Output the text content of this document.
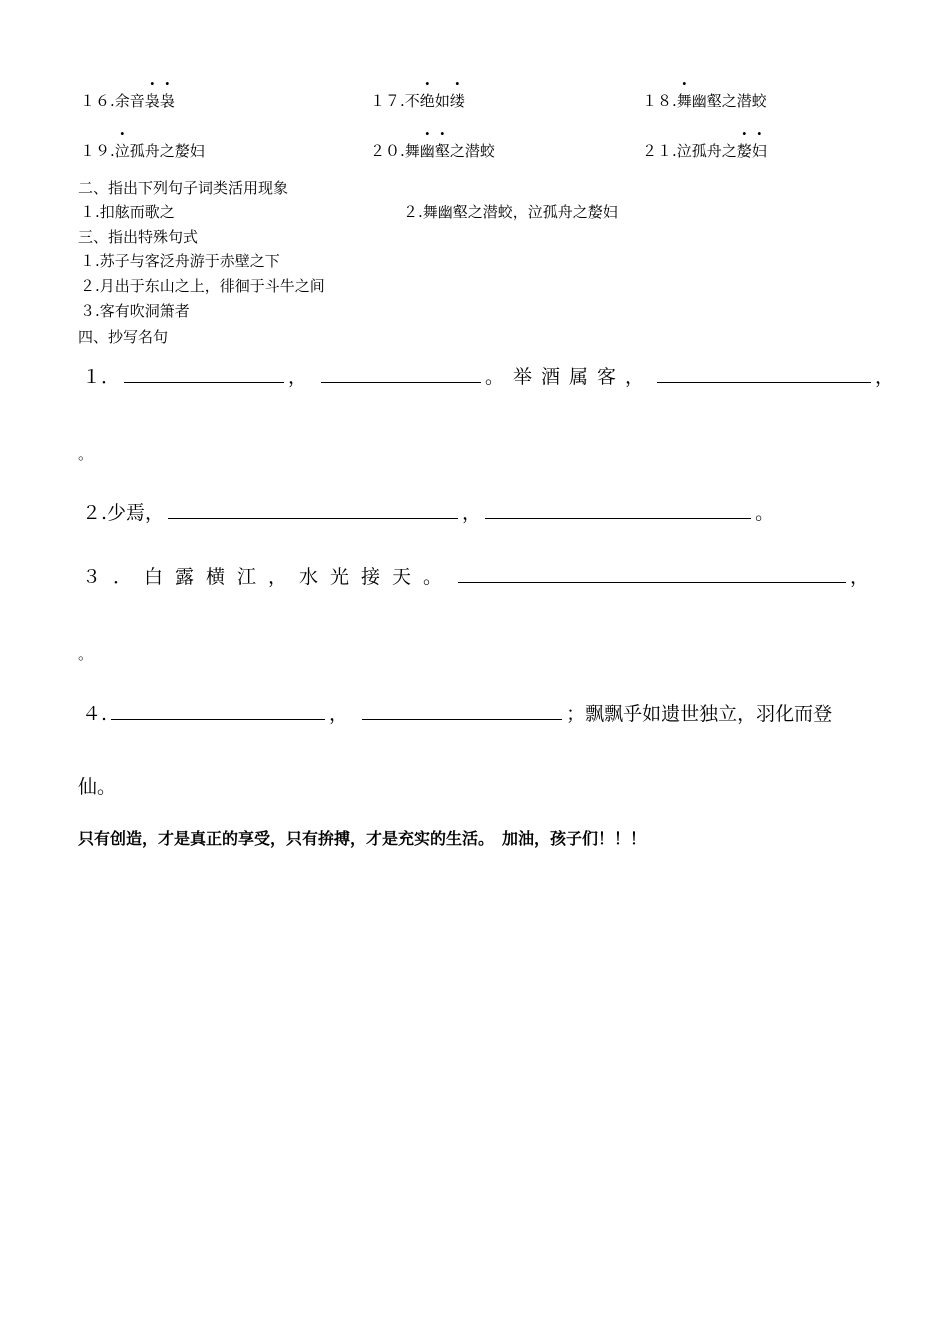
１６.余音袅袅	１７.不绝如缕	１８.舞幽壑之潜蛟
１９.泣孤舟之嫠妇	２０.舞幽壑之潜蛟	２１.泣孤舟之嫠妇
二、指出下列句子词类活用现象
１.扣舷而歌之	２.舞幽壑之潜蛟，泣孤舟之嫠妇
三、指出特殊句式
１.苏子与客泛舟游于赤壁之下
２.月出于东山之上，徘徊于斗牛之间
３.客有吹洞箫者
四、抄写名句
１．	，	。举酒属客，	，
。
２.少焉，	，	。
３．白露横江，水光接天。	，
。
４.	，	；飘飘乎如遗世独立，羽化而登
仙。
只有创造，才是真正的享受，只有拚搏，才是充实的生活。　加油，孩子们！！！
